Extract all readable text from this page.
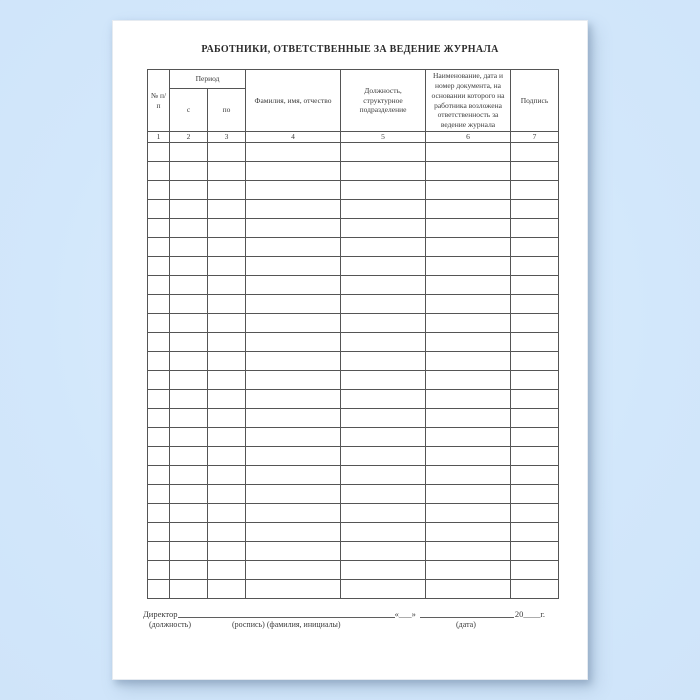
РАБОТНИКИ, ОТВЕТСТВЕННЫЕ ЗА ВЕДЕНИЕ ЖУРНАЛА
№ п/п	Период		Фамилия, имя, отчество	Должность, структурное подразделение	Наименование, дата и номер документа, на основании которого на работника возложена ответственность за ведение журнала	Подпись
	с	по				
1	2	3	4	5	6	7

Директор	«___»	20____г.
(должность)	(роспись) (фамилия, инициалы)	(дата)
